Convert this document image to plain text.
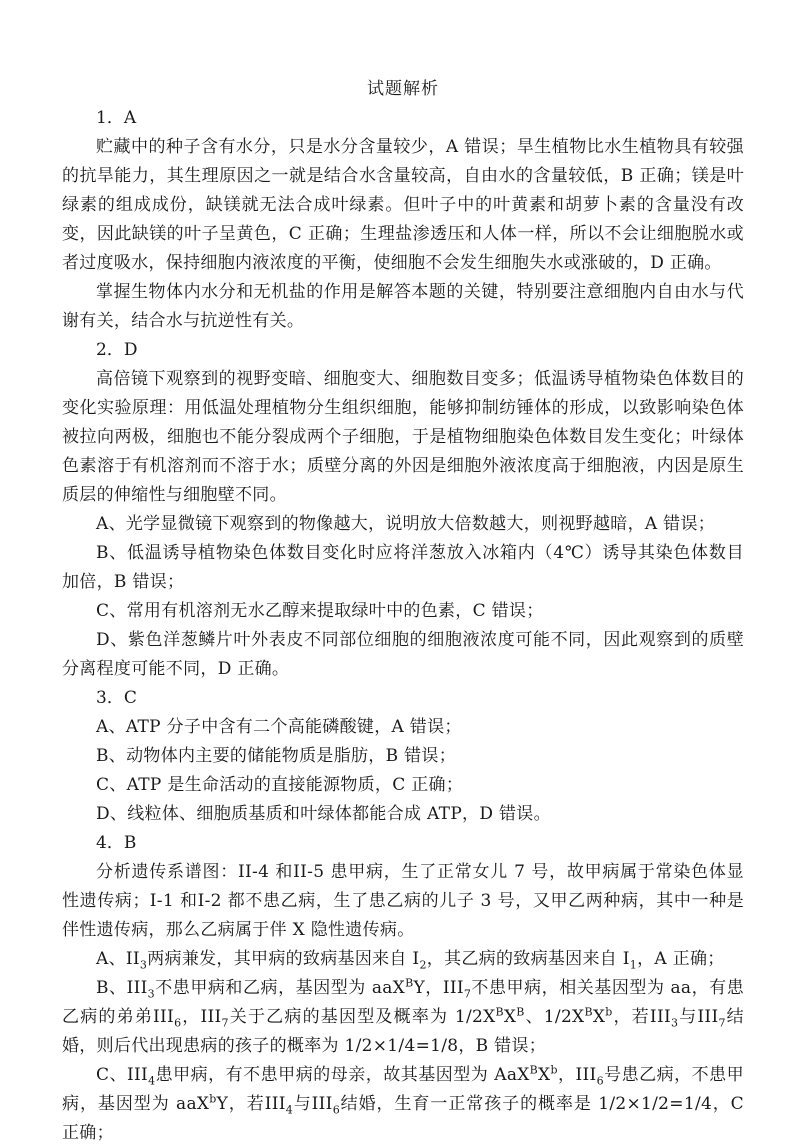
试题解析

1．A

贮藏中的种子含有水分，只是水分含量较少，A 错误；旱生植物比水生植物具有较强的抗旱能力，其生理原因之一就是结合水含量较高，自由水的含量较低，B 正确；镁是叶绿素的组成成份，缺镁就无法合成叶绿素。但叶子中的叶黄素和胡萝卜素的含量没有改变，因此缺镁的叶子呈黄色，C 正确；生理盐渗透压和人体一样，所以不会让细胞脱水或者过度吸水，保持细胞内液浓度的平衡，使细胞不会发生细胞失水或涨破的，D 正确。

掌握生物体内水分和无机盐的作用是解答本题的关键，特别要注意细胞内自由水与代谢有关，结合水与抗逆性有关。

2．D

高倍镜下观察到的视野变暗、细胞变大、细胞数目变多；低温诱导植物染色体数目的变化实验原理：用低温处理植物分生组织细胞，能够抑制纺锤体的形成，以致影响染色体被拉向两极，细胞也不能分裂成两个子细胞，于是植物细胞染色体数目发生变化；叶绿体色素溶于有机溶剂而不溶于水；质壁分离的外因是细胞外液浓度高于细胞液，内因是原生质层的伸缩性与细胞壁不同。

A、光学显微镜下观察到的物像越大，说明放大倍数越大，则视野越暗，A 错误；

B、低温诱导植物染色体数目变化时应将洋葱放入冰箱内（4℃）诱导其染色体数目加倍，B 错误；

C、常用有机溶剂无水乙醇来提取绿叶中的色素，C 错误；

D、紫色洋葱鳞片叶外表皮不同部位细胞的细胞液浓度可能不同，因此观察到的质壁分离程度可能不同，D 正确。

3．C

A、ATP 分子中含有二个高能磷酸键，A 错误；

B、动物体内主要的储能物质是脂肪，B 错误；

C、ATP 是生命活动的直接能源物质，C 正确；

D、线粒体、细胞质基质和叶绿体都能合成 ATP，D 错误。

4．B

分析遗传系谱图：II-4 和II-5 患甲病，生了正常女儿 7 号，故甲病属于常染色体显性遗传病；I-1 和I-2 都不患乙病，生了患乙病的儿子 3 号，又甲乙两种病，其中一种是伴性遗传病，那么乙病属于伴 X 隐性遗传病。

A、$II_3$两病兼发，其甲病的致病基因来自 $I_2$，其乙病的致病基因来自 $I_1$，A 正确；

B、$III_3$不患甲病和乙病，基因型为 aaX$^B$Y，$III_7$不患甲病，相关基因型为 aa，有患乙病的弟弟$III_6$，$III_7$关于乙病的基因型及概率为 $1/2X^BX^B$、$1/2X^BX^b$，若$III_3$与$III_7$结婚，则后代出现患病的孩子的概率为 1/2×1/4=1/8，B 错误；

C、$III_4$患甲病，有不患甲病的母亲，故其基因型为 $AaX^BX^b$，$III_6$号患乙病，不患甲病，基因型为 aaX$^b$Y，若$III_4$与$III_6$结婚，生育一正常孩子的概率是 1/2×1/2=1/4，C 正确；
